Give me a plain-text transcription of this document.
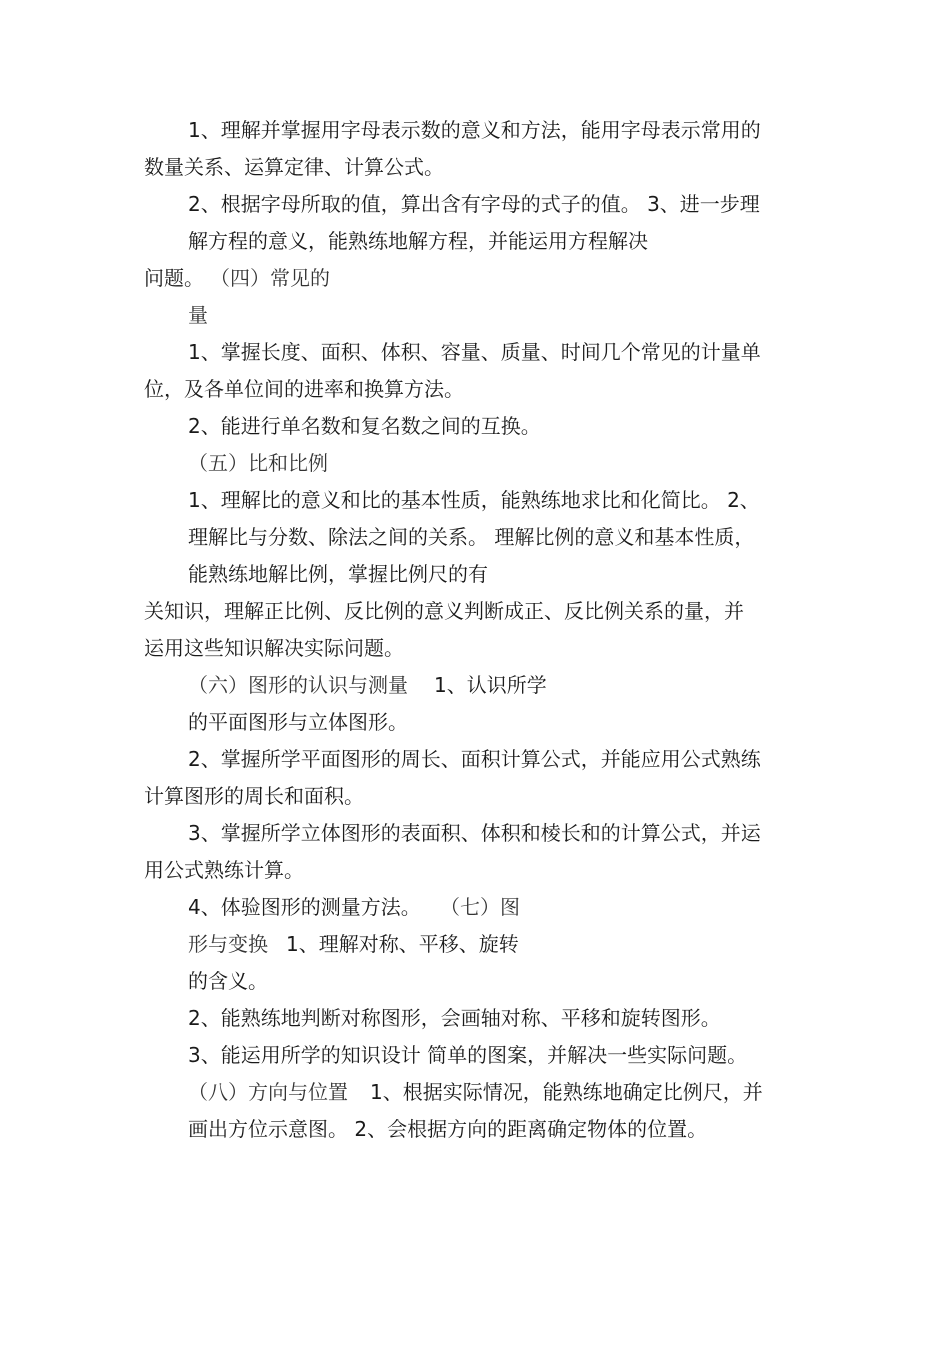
1、理解并掌握用字母表示数的意义和方法，能用字母表示常用的
数量关系、运算定律、计算公式。
2、根据字母所取的值，算出含有字母的式子的值。 3、进一步理
解方程的意义，能熟练地解方程，并能运用方程解决
问题。 （四）常见的
量
1、掌握长度、面积、体积、容量、质量、时间几个常见的计量单
位，及各单位间的进率和换算方法。
2、能进行单名数和复名数之间的互换。
（五）比和比例
1、理解比的意义和比的基本性质，能熟练地求比和化简比。 2、
理解比与分数、除法之间的关系。 理解比例的意义和基本性质，
能熟练地解比例，掌握比例尺的有
关知识，理解正比例、反比例的意义判断成正、反比例关系的量，并
运用这些知识解决实际问题。
（六）图形的认识与测量 1、认识所学
的平面图形与立体图形。
2、掌握所学平面图形的周长、面积计算公式，并能应用公式熟练
计算图形的周长和面积。
3、掌握所学立体图形的表面积、体积和棱长和的计算公式，并运
用公式熟练计算。
4、体验图形的测量方法。 （七）图
形与变换 1、理解对称、平移、旋转
的含义。
2、能熟练地判断对称图形，会画轴对称、平移和旋转图形。
3、能运用所学的知识设计 简单的图案，并解决一些实际问题。
（八）方向与位置 1、根据实际情况，能熟练地确定比例尺，并
画出方位示意图。 2、会根据方向的距离确定物体的位置。
